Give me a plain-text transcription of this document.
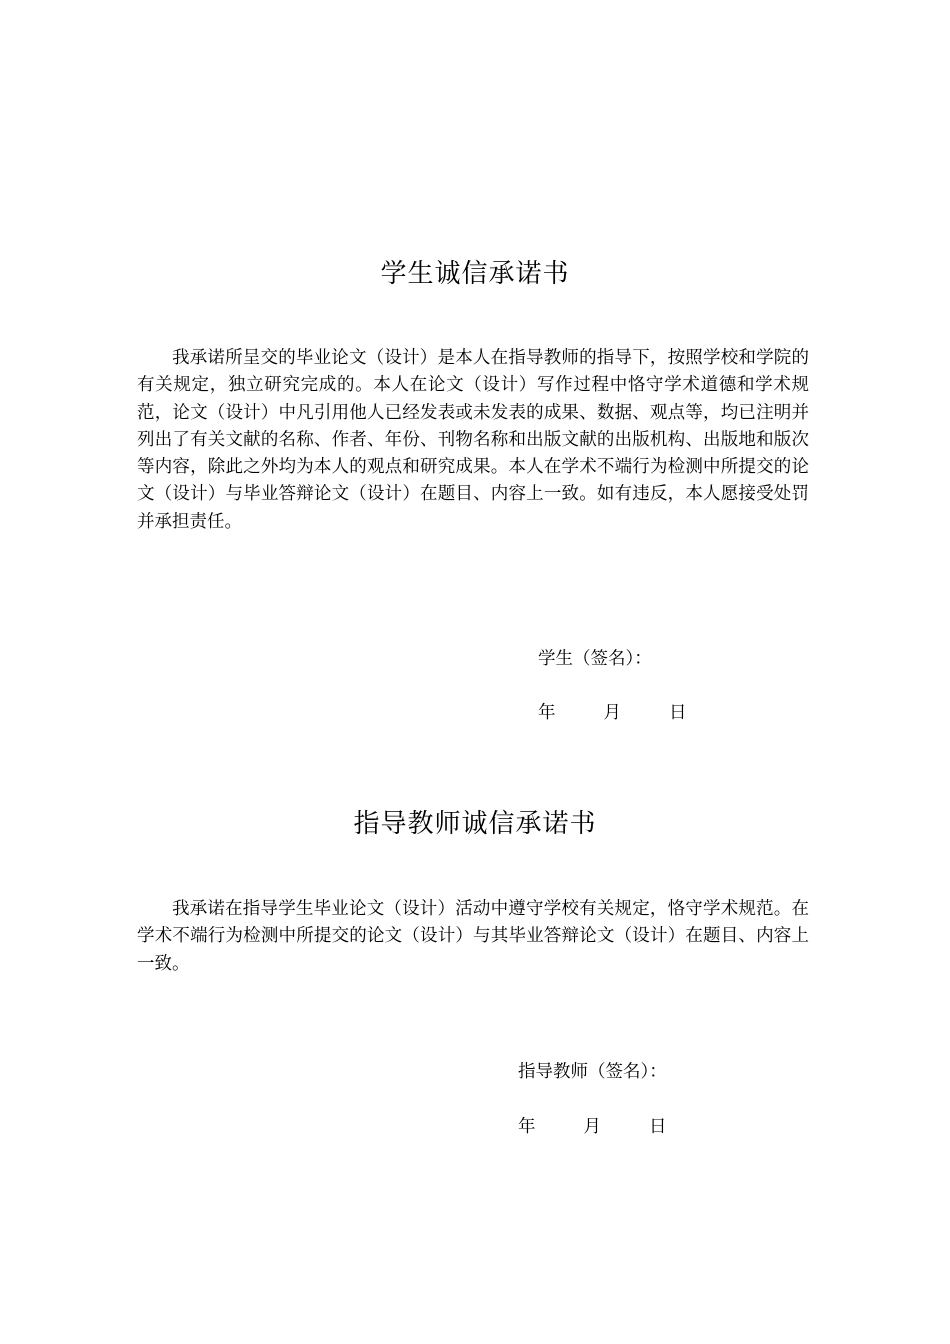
学生诚信承诺书

我承诺所呈交的毕业论文（设计）是本人在指导教师的指导下，按照学校和学院的有关规定，独立研究完成的。本人在论文（设计）写作过程中恪守学术道德和学术规范，论文（设计）中凡引用他人已经发表或未发表的成果、数据、观点等，均已注明并列出了有关文献的名称、作者、年份、刊物名称和出版文献的出版机构、出版地和版次等内容，除此之外均为本人的观点和研究成果。本人在学术不端行为检测中所提交的论文（设计）与毕业答辩论文（设计）在题目、内容上一致。如有违反，本人愿接受处罚并承担责任。

学生（签名）：
年	月	日
指导教师诚信承诺书

我承诺在指导学生毕业论文（设计）活动中遵守学校有关规定，恪守学术规范。在学术不端行为检测中所提交的论文（设计）与其毕业答辩论文（设计）在题目、内容上一致。

指导教师（签名）：
年	月	日
